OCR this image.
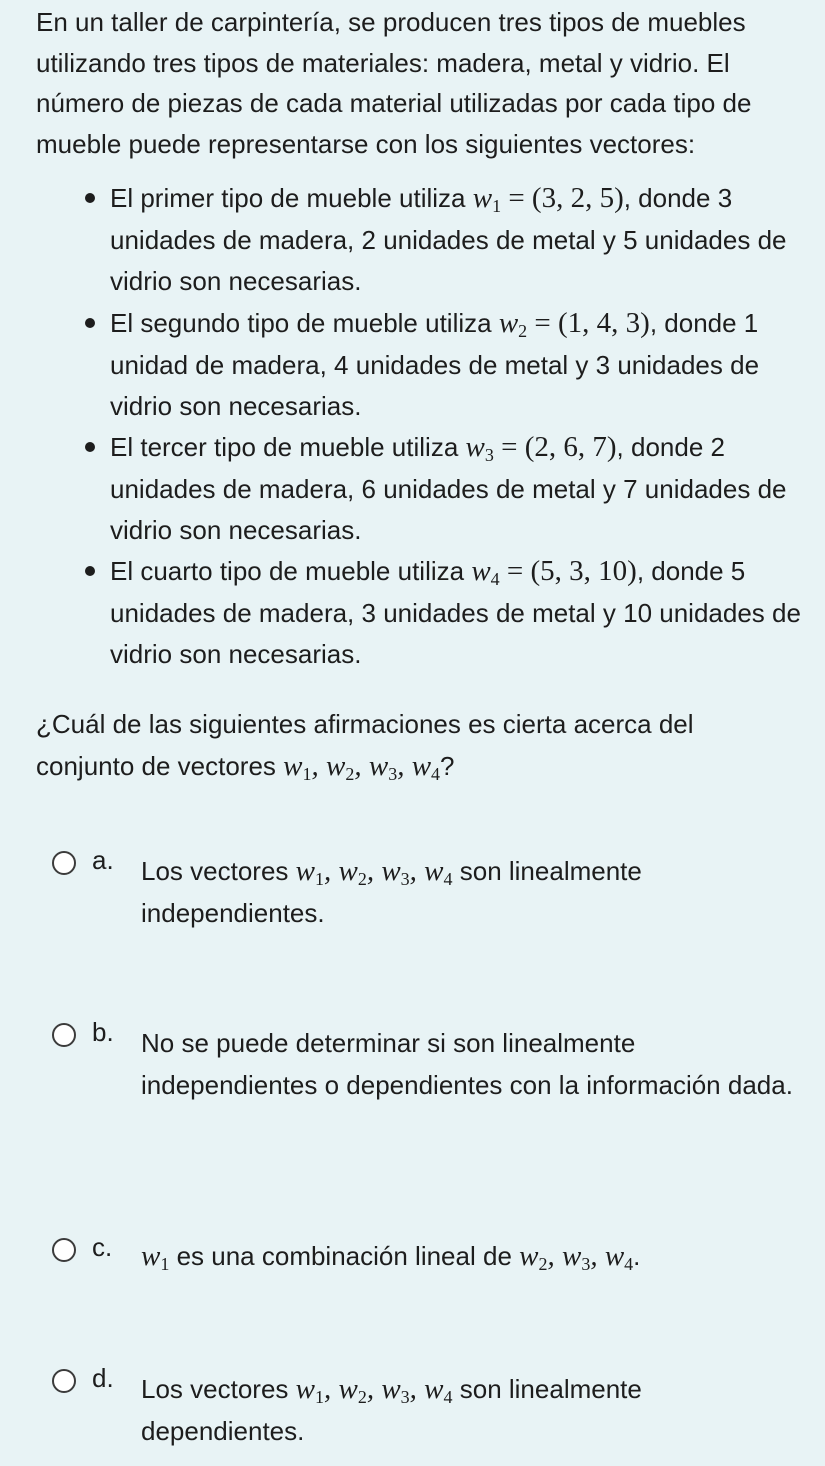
En un taller de carpintería, se producen tres tipos de muebles utilizando tres tipos de materiales: madera, metal y vidrio. El número de piezas de cada material utilizadas por cada tipo de mueble puede representarse con los siguientes vectores:

El primer tipo de mueble utiliza $w_1 = (3$, 2, 5), donde 3 unidades de madera, 2 unidades de metal y 5 unidades de vidrio son necesarias.
El segundo tipo de mueble utiliza $w_2 = (1$, 4, 3), donde 1 unidad de madera, 4 unidades de metal y 3 unidades de vidrio son necesarias.
El tercer tipo de mueble utiliza $w_3 = (2$, 6, 7), donde 2 unidades de madera, 6 unidades de metal y 7 unidades de vidrio son necesarias.
El cuarto tipo de mueble utiliza $w_4 = (5$, 3, 10), donde 5 unidades de madera, 3 unidades de metal y 10 unidades de vidrio son necesarias.

¿Cuál de las siguientes afirmaciones es cierta acerca del conjunto de vectores $w_1$, $w_2$, $w_3$, $w_4$?

a. Los vectores $w_1$, $w_2$, $w_3$, $w_4$ son linealmente independientes.
b. No se puede determinar si son linealmente independientes o dependientes con la información dada.
c. $w_1$ es una combinación lineal de $w_2$, $w_3$, $w_4$.
d. Los vectores $w_1$, $w_2$, $w_3$, $w_4$ son linealmente dependientes.
